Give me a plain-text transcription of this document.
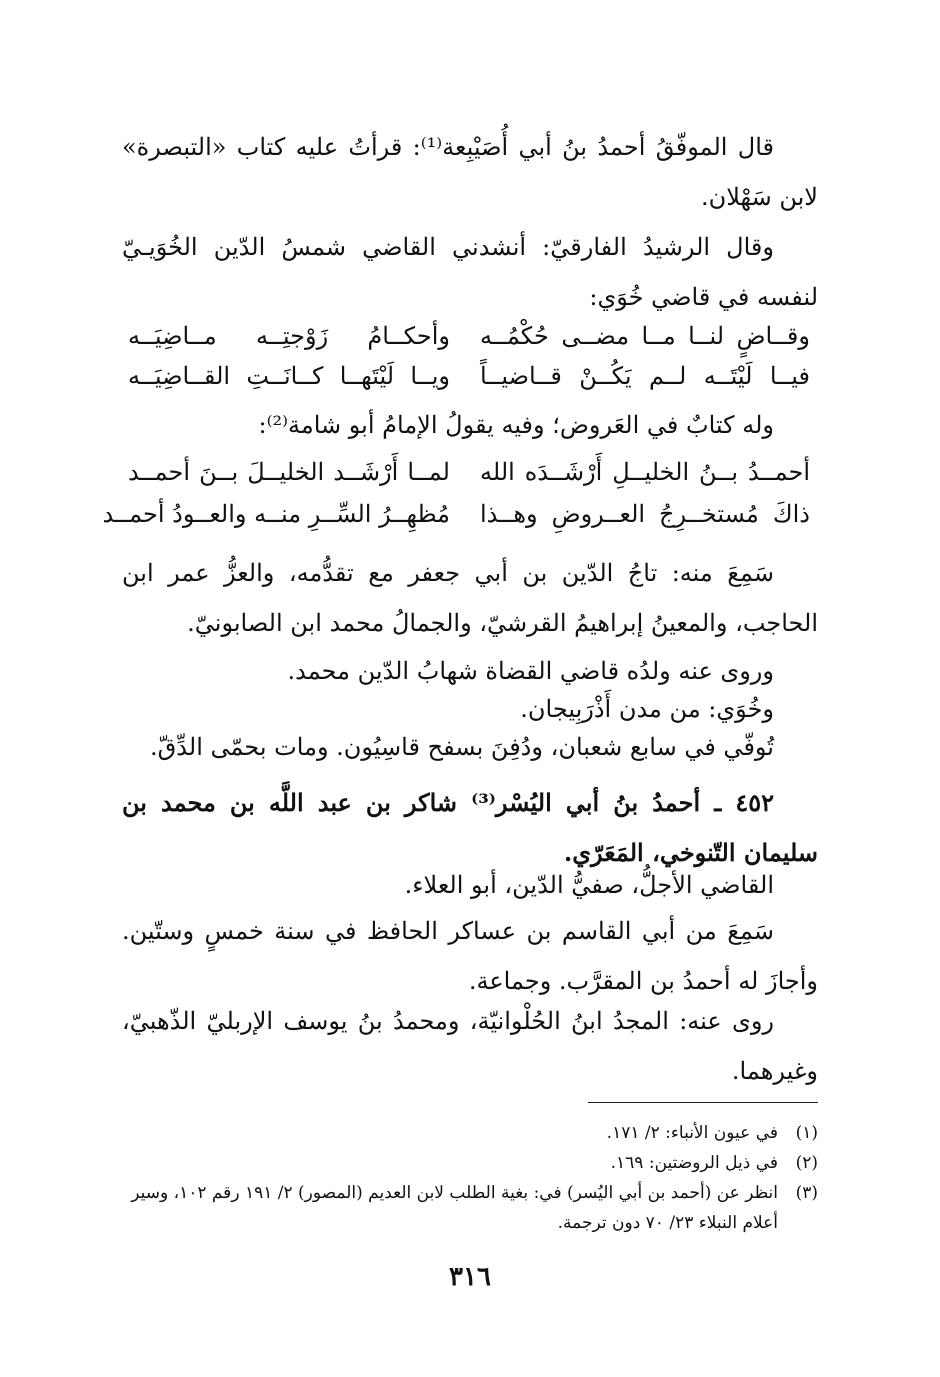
قال الموفّقُ أحمدُ بنُ أبي أُصَيْبِعة⁽¹⁾: قرأتُ عليه كتاب «التبصرة» لابن سَهْلان.

وقال الرشيدُ الفارقيّ: أنشدني القاضي شمسُ الدّين الخُوَيـيّ لنفسه في قاضي خُوَي:

وقــاضٍ لنــا مــا مضــى حُكْمُــه
وأحكــامُ زَوْجتِــه مــاضِيَــه
فيــا لَيْتَــه لــم يَكُــنْ قــاضيــاً
ويــا لَيْتَهــا كــانَــتِ القــاضِيَــه

وله كتابٌ في العَروض؛ وفيه يقولُ الإمامُ أبو شامة⁽²⁾:

أحمــدُ بــنُ الخليــلِ أَرْشَــدَه الله
لمــا أَرْشَــد الخليــلَ بــنَ أحمــد
ذاكَ مُستخــرِجُ العــروضِ وهــذا
مُظهِــرُ السِّــرِ منــه والعــودُ أحمــد

سَمِعَ منه: تاجُ الدّين بن أبي جعفر مع تقدُّمه، والعزُّ عمر ابن الحاجب، والمعينُ إبراهيمُ القرشيّ، والجمالُ محمد ابن الصابونيّ.

وروى عنه ولدُه قاضي القضاة شهابُ الدّين محمد.

وخُوَي: من مدن أَذْرَبِيجان.

تُوفّي في سابع شعبان، ودُفِنَ بسفح قاسِيُون. ومات بحمّى الدِّقّ.

٤٥٢ ـ أحمدُ بنُ أبي اليُسْر⁽³⁾ شاكر بن عبد اللَّه بن محمد بن سليمان التّنوخي، المَعَرّي.

القاضي الأجلُّ، صفيُّ الدّين، أبو العلاء.

سَمِعَ من أبي القاسم بن عساكر الحافظ في سنة خمسٍ وستّين. وأجازَ له أحمدُ بن المقرَّب. وجماعة.

روى عنه: المجدُ ابنُ الحُلْوانيّة، ومحمدُ بنُ يوسف الإربليّ الذّهبيّ، وغيرهما.

(١)
في عيون الأنباء: ٢/ ١٧١.

(٢)
في ذيل الروضتين: ١٦٩.

(٣)
انظر عن (أحمد بن أبي اليُسر) في: بغية الطلب لابن العديم (المصور) ٢/ ١٩١ رقم ١٠٢، وسير أعلام النبلاء ٢٣/ ٧٠ دون ترجمة.

٣١٦
